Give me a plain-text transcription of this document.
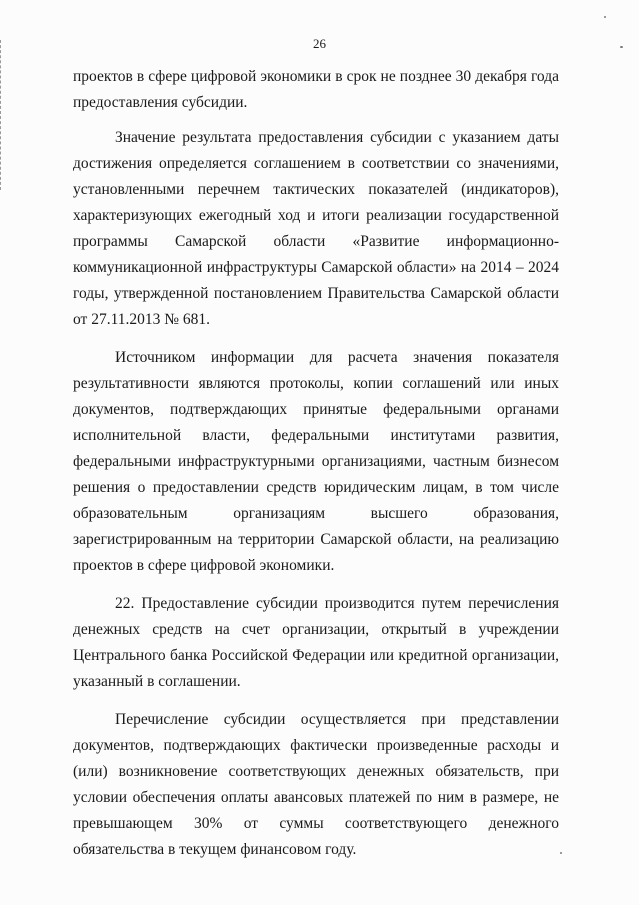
26

проектов в сфере цифровой экономики в срок не позднее 30 декабря года предоставления субсидии.

Значение результата предоставления субсидии с указанием даты достижения определяется соглашением в соответствии со значениями, установленными перечнем тактических показателей (индикаторов), характеризующих ежегодный ход и итоги реализации государственной программы Самарской области «Развитие информационно-коммуникационной инфраструктуры Самарской области» на 2014 – 2024 годы, утвержденной постановлением Правительства Самарской области от 27.11.2013 № 681.

Источником информации для расчета значения показателя результативности являются протоколы, копии соглашений или иных документов, подтверждающих принятые федеральными органами исполнительной власти, федеральными институтами развития, федеральными инфраструктурными организациями, частным бизнесом решения о предоставлении средств юридическим лицам, в том числе образовательным организациям высшего образования, зарегистрированным на территории Самарской области, на реализацию проектов в сфере цифровой экономики.

22. Предоставление субсидии производится путем перечисления денежных средств на счет организации, открытый в учреждении Центрального банка Российской Федерации или кредитной организации, указанный в соглашении.

Перечисление субсидии осуществляется при представлении документов, подтверждающих фактически произведенные расходы и (или) возникновение соответствующих денежных обязательств, при условии обеспечения оплаты авансовых платежей по ним в размере, не превышающем 30% от суммы соответствующего денежного обязательства в текущем финансовом году.
